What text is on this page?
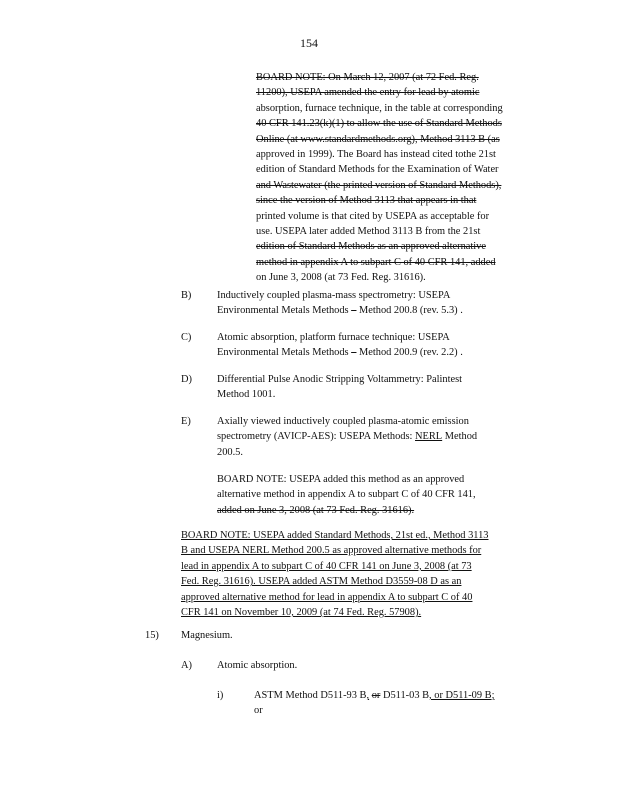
154

BOARD NOTE: On March 12, 2007 (at 72 Fed. Reg.

11200), USEPA amended the entry for lead by atomic

absorption, furnace technique, in the table at corresponding

40 CFR 141.23(k)(1) to allow the use of Standard Methods

Online (at www.standardmethods.org), Method 3113 B (as

approved in 1999). The Board has instead cited tothe 21st

edition of Standard Methods for the Examination of Water

and Wastewater (the printed version of Standard Methods),

since the version of Method 3113 that appears in that

printed volume is that cited by USEPA as acceptable for

use. USEPA later added Method 3113 B from the 21st

edition of Standard Methods as an approved alternative

method in appendix A to subpart C of 40 CFR 141, added

on June 3, 2008 (at 73 Fed. Reg. 31616).

B) Inductively coupled plasma-mass spectrometry: USEPA

Environmental Metals Methods – Method 200.8 (rev. 5.3) .

C) Atomic absorption, platform furnace technique: USEPA

Environmental Metals Methods – Method 200.9 (rev. 2.2) .

D) Differential Pulse Anodic Stripping Voltammetry: Palintest

Method 1001.

E)	Axially viewed inductively coupled plasma-atomic emission

spectrometry (AVICP-AES): USEPA Methods: NERL Method

200.5.

BOARD NOTE: USEPA added this method as an approved

alternative method in appendix A to subpart C of 40 CFR 141,

added on June 3, 2008 (at 73 Fed. Reg. 31616).

BOARD NOTE: USEPA added Standard Methods, 21st ed., Method 3113

B and USEPA NERL Method 200.5 as approved alternative methods for

lead in appendix A to subpart C of 40 CFR 141 on June 3, 2008 (at 73

Fed. Reg. 31616). USEPA added ASTM Method D3559-08 D as an

approved alternative method for lead in appendix A to subpart C of 40

CFR 141 on November 10, 2009 (at 74 Fed. Reg. 57908).

15) Magnesium.
A) Atomic absorption.
i)	ASTM Method D511-93 B, or D511-03 B, or D511-09 B;

or
